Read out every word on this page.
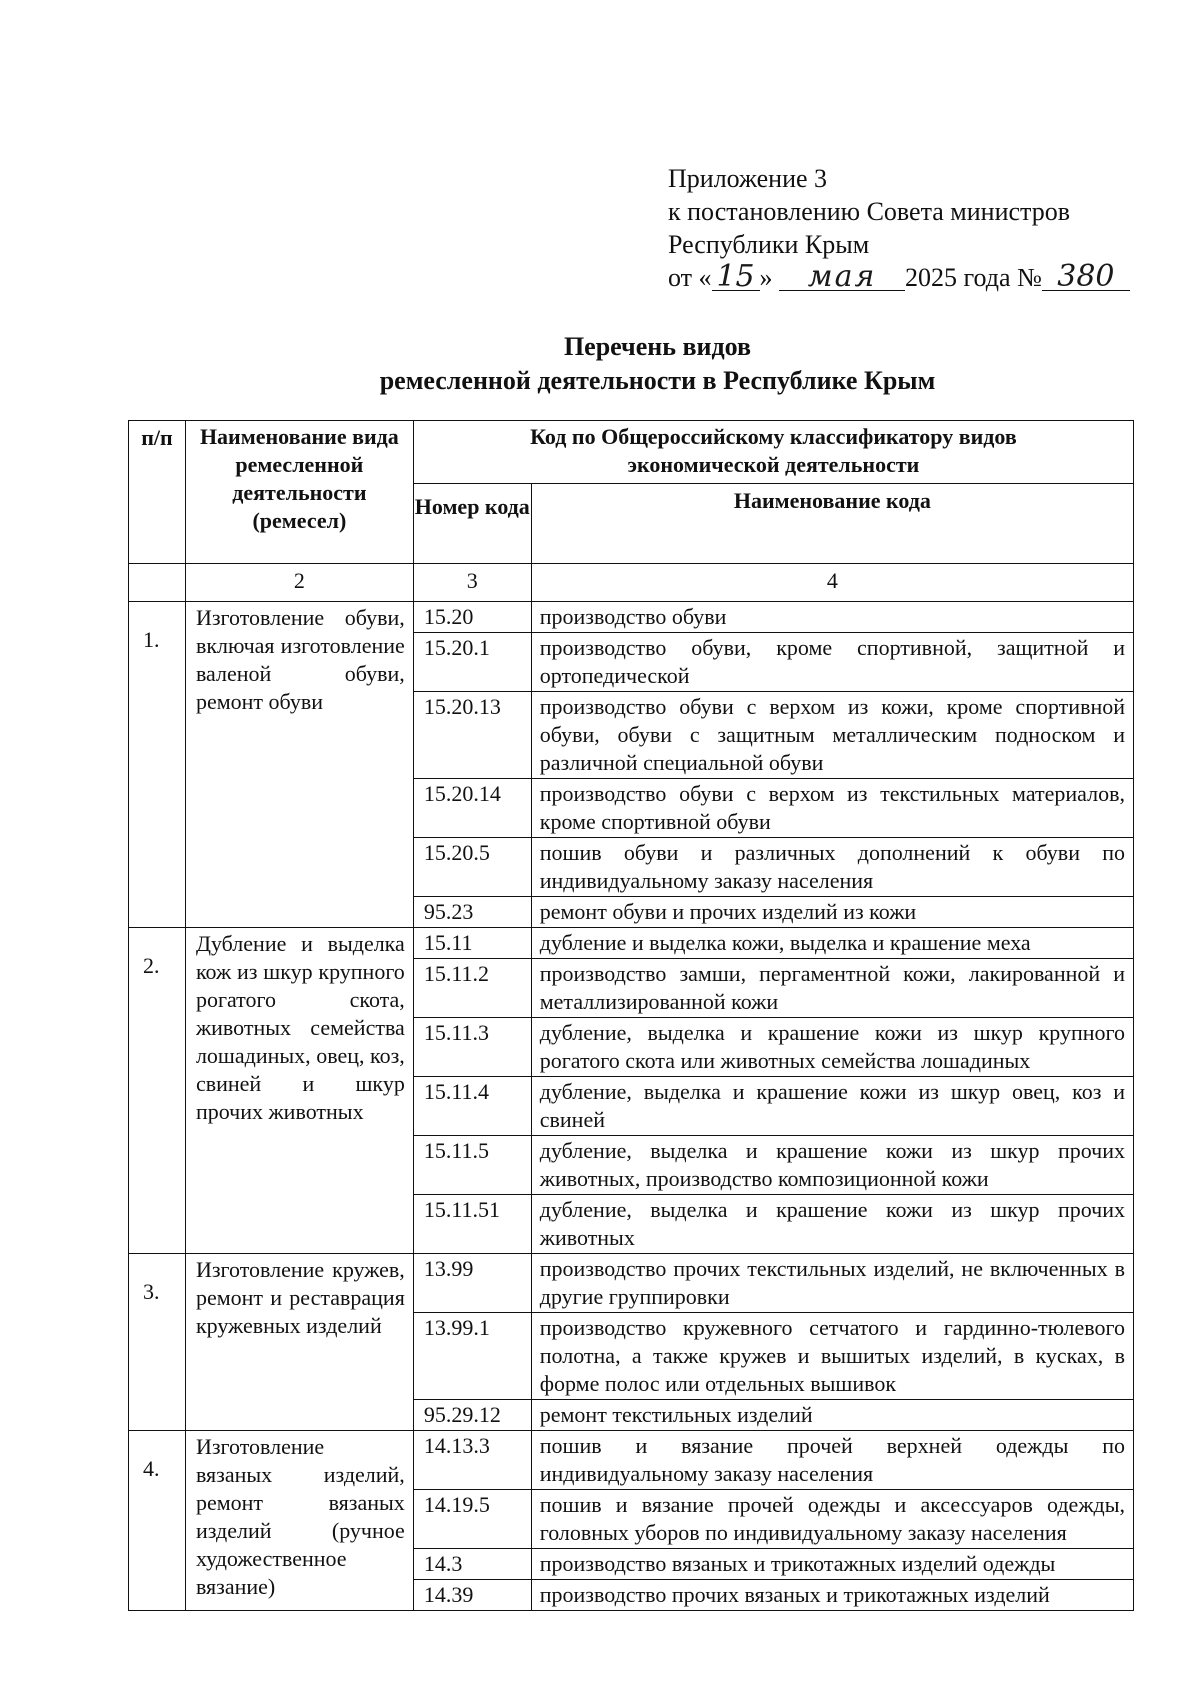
Приложение 3
к постановлению Совета министров
Республики Крым
от « 15 » мая 2025 года № 380
Перечень видов
ремесленной деятельности в Республике Крым
п/п	Наименование вида ремесленной деятельности (ремесел)	Код по Общероссийскому классификатору видов экономической деятельности	
		Номер кода	Наименование кода
	2	3	4
1.	Изготовление обуви, включая изготовление валеной обуви, ремонт обуви	15.20	производство обуви
		15.20.1	производство обуви, кроме спортивной, защитной и ортопедической
		15.20.13	производство обуви с верхом из кожи, кроме спортивной обуви, обуви с защитным металлическим подноском и различной специальной обуви
		15.20.14	производство обуви с верхом из текстильных материалов, кроме спортивной обуви
		15.20.5	пошив обуви и различных дополнений к обуви по индивидуальному заказу населения
		95.23	ремонт обуви и прочих изделий из кожи
2.	Дубление и выделка кож из шкур крупного рогатого скота, животных семейства лошадиных, овец, коз, свиней и шкур прочих животных	15.11	дубление и выделка кожи, выделка и крашение меха
		15.11.2	производство замши, пергаментной кожи, лакированной и металлизированной кожи
		15.11.3	дубление, выделка и крашение кожи из шкур крупного рогатого скота или животных семейства лошадиных
		15.11.4	дубление, выделка и крашение кожи из шкур овец, коз и свиней
		15.11.5	дубление, выделка и крашение кожи из шкур прочих животных, производство композиционной кожи
		15.11.51	дубление, выделка и крашение кожи из шкур прочих животных
3.	Изготовление кружев, ремонт и реставрация кружевных изделий	13.99	производство прочих текстильных изделий, не включенных в другие группировки
		13.99.1	производство кружевного сетчатого и гардинно-тюлевого полотна, а также кружев и вышитых изделий, в кусках, в форме полос или отдельных вышивок
		95.29.12	ремонт текстильных изделий
4.	Изготовление вязаных изделий, ремонт вязаных изделий (ручное художественное вязание)	14.13.3	пошив и вязание прочей верхней одежды по индивидуальному заказу населения
		14.19.5	пошив и вязание прочей одежды и аксессуаров одежды, головных уборов по индивидуальному заказу населения
		14.3	производство вязаных и трикотажных изделий одежды
		14.39	производство прочих вязаных и трикотажных изделий
